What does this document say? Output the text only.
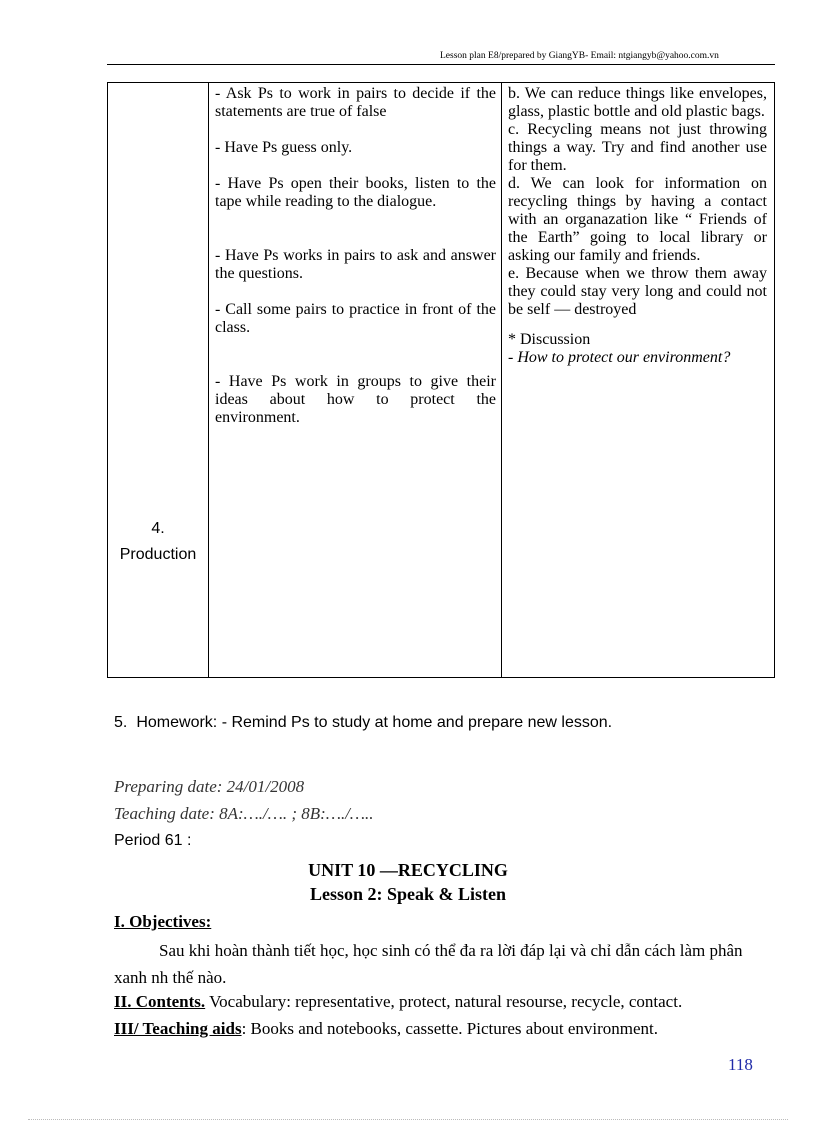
Lesson plan E8/prepared by GiangYB- Email: ntgiangyb@yahoo.com.vn
4.
Production

- Ask Ps to work in pairs to decide if the statements are true of false

- Have Ps guess only.

- Have Ps open their books, listen to the tape while reading to the dialogue.

- Have Ps works in pairs to ask and answer the questions.

- Call some pairs to practice in front of the class.

- Have Ps work in groups to give their ideas about how to protect the environment.

b. We can reduce things like envelopes, glass, plastic bottle and old plastic bags.

c. Recycling means not just throwing things a way. Try and find another use for them.

d. We can look for information on recycling things by having a contact with an organazation like “ Friends of the Earth” going to local library or asking our family and friends.

e. Because when we throw them away they could stay very long and could not be self — destroyed

* Discussion

- How to protect our environment?

5. Homework: - Remind Ps to study at home and prepare new lesson.
Preparing date: 24/01/2008
Teaching date: 8A:…./…. ; 8B:…./…..
Period 61 :
UNIT 10 —RECYCLING
Lesson 2: Speak & Listen
I. Objectives:
Sau khi hoàn thành tiết học, học sinh có thể đa ra lời đáp lại và chỉ dẫn cách làm phân xanh nh thế nào.
II. Contents. Vocabulary: representative, protect, natural resourse, recycle, contact.
III/ Teaching aids: Books and notebooks, cassette. Pictures about environment.
118
